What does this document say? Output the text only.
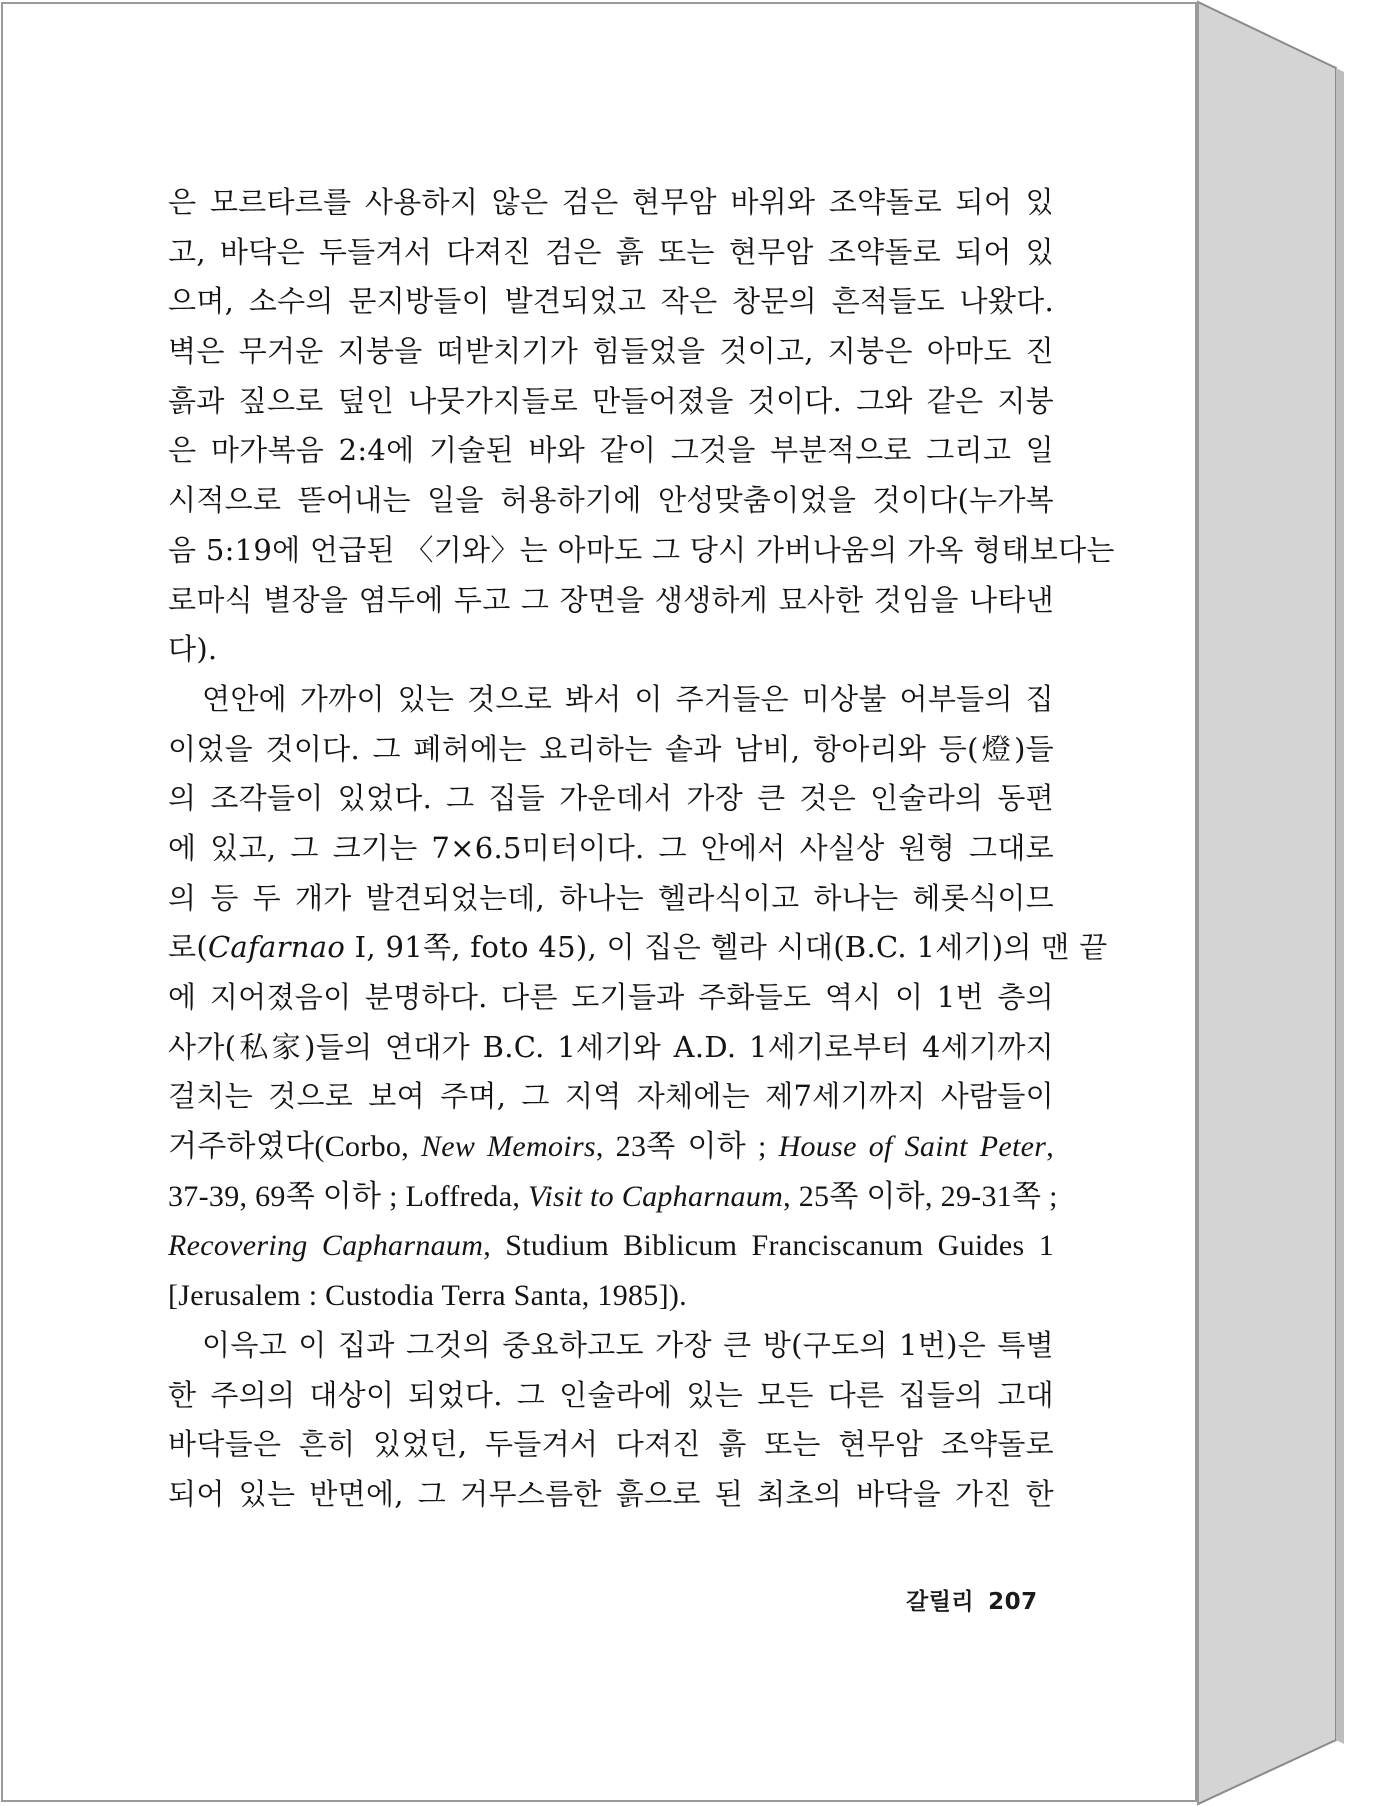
은 모르타르를 사용하지 않은 검은 현무암 바위와 조약돌로 되어 있
고, 바닥은 두들겨서 다져진 검은 흙 또는 현무암 조약돌로 되어 있
으며, 소수의 문지방들이 발견되었고 작은 창문의 흔적들도 나왔다.
벽은 무거운 지붕을 떠받치기가 힘들었을 것이고, 지붕은 아마도 진
흙과 짚으로 덮인 나뭇가지들로 만들어졌을 것이다. 그와 같은 지붕
은 마가복음 2:4에 기술된 바와 같이 그것을 부분적으로 그리고 일
시적으로 뜯어내는 일을 허용하기에 안성맞춤이었을 것이다(누가복
음 5:19에 언급된 〈기와〉는 아마도 그 당시 가버나움의 가옥 형태보다는
로마식 별장을 염두에 두고 그 장면을 생생하게 묘사한 것임을 나타낸
다).
연안에 가까이 있는 것으로 봐서 이 주거들은 미상불 어부들의 집
이었을 것이다. 그 폐허에는 요리하는 솥과 남비, 항아리와 등(燈)들
의 조각들이 있었다. 그 집들 가운데서 가장 큰 것은 인술라의 동편
에 있고, 그 크기는 7×6.5미터이다. 그 안에서 사실상 원형 그대로
의 등 두 개가 발견되었는데, 하나는 헬라식이고 하나는 헤롯식이므
로(Cafarnao I, 91쪽, foto 45), 이 집은 헬라 시대(B.C. 1세기)의 맨 끝
에 지어졌음이 분명하다. 다른 도기들과 주화들도 역시 이 1번 층의
사가(私家)들의 연대가 B.C. 1세기와 A.D. 1세기로부터 4세기까지
걸치는 것으로 보여 주며, 그 지역 자체에는 제7세기까지 사람들이
거주하였다(Corbo, New Memoirs, 23쪽 이하 ; House of Saint Peter,
37-39, 69쪽 이하 ; Loffreda, Visit to Capharnaum, 25쪽 이하, 29-31쪽 ;
Recovering Capharnaum, Studium Biblicum Franciscanum Guides 1
[Jerusalem : Custodia Terra Santa, 1985]).
이윽고 이 집과 그것의 중요하고도 가장 큰 방(구도의 1번)은 특별
한 주의의 대상이 되었다. 그 인술라에 있는 모든 다른 집들의 고대
바닥들은 흔히 있었던, 두들겨서 다져진 흙 또는 현무암 조약돌로
되어 있는 반면에, 그 거무스름한 흙으로 된 최초의 바닥을 가진 한
갈릴리 207
